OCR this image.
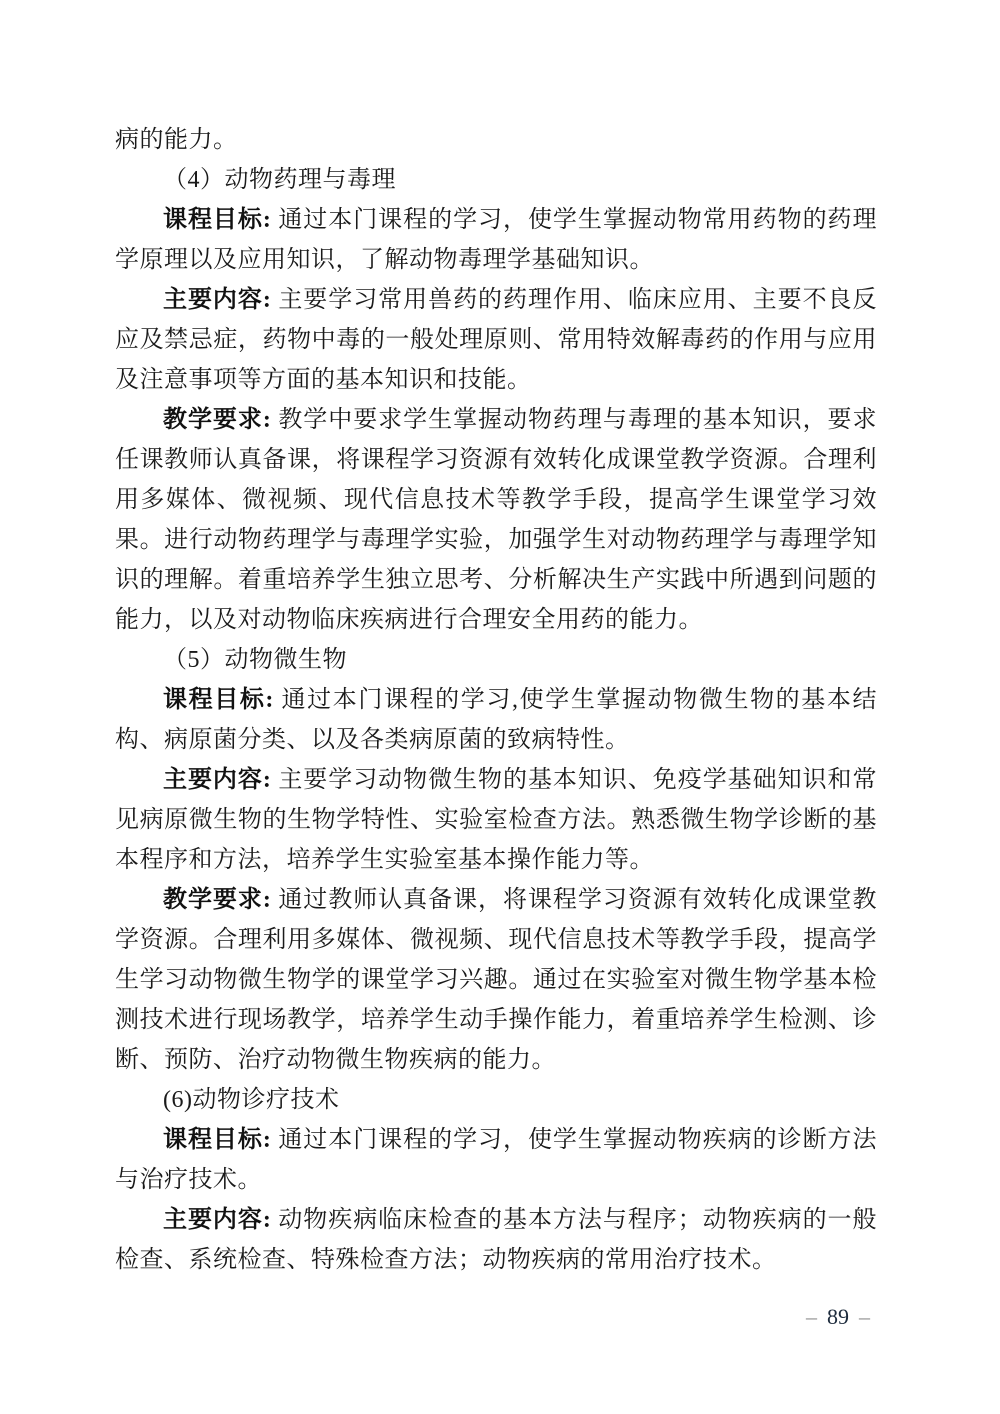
病的能力。

（4）动物药理与毒理

课程目标: 通过本门课程的学习，使学生掌握动物常用药物的药理学原理以及应用知识，了解动物毒理学基础知识。

主要内容: 主要学习常用兽药的药理作用、临床应用、主要不良反应及禁忌症，药物中毒的一般处理原则、常用特效解毒药的作用与应用及注意事项等方面的基本知识和技能。

教学要求: 教学中要求学生掌握动物药理与毒理的基本知识，要求任课教师认真备课，将课程学习资源有效转化成课堂教学资源。合理利用多媒体、微视频、现代信息技术等教学手段，提高学生课堂学习效果。进行动物药理学与毒理学实验，加强学生对动物药理学与毒理学知识的理解。着重培养学生独立思考、分析解决生产实践中所遇到问题的能力，以及对动物临床疾病进行合理安全用药的能力。

（5）动物微生物

课程目标: 通过本门课程的学习,使学生掌握动物微生物的基本结构、病原菌分类、以及各类病原菌的致病特性。

主要内容: 主要学习动物微生物的基本知识、免疫学基础知识和常见病原微生物的生物学特性、实验室检查方法。熟悉微生物学诊断的基本程序和方法，培养学生实验室基本操作能力等。

教学要求: 通过教师认真备课，将课程学习资源有效转化成课堂教学资源。合理利用多媒体、微视频、现代信息技术等教学手段，提高学生学习动物微生物学的课堂学习兴趣。通过在实验室对微生物学基本检测技术进行现场教学，培养学生动手操作能力，着重培养学生检测、诊断、预防、治疗动物微生物疾病的能力。

(6)动物诊疗技术

课程目标: 通过本门课程的学习，使学生掌握动物疾病的诊断方法与治疗技术。

主要内容: 动物疾病临床检查的基本方法与程序；动物疾病的一般检查、系统检查、特殊检查方法；动物疾病的常用治疗技术。

– 89 –
